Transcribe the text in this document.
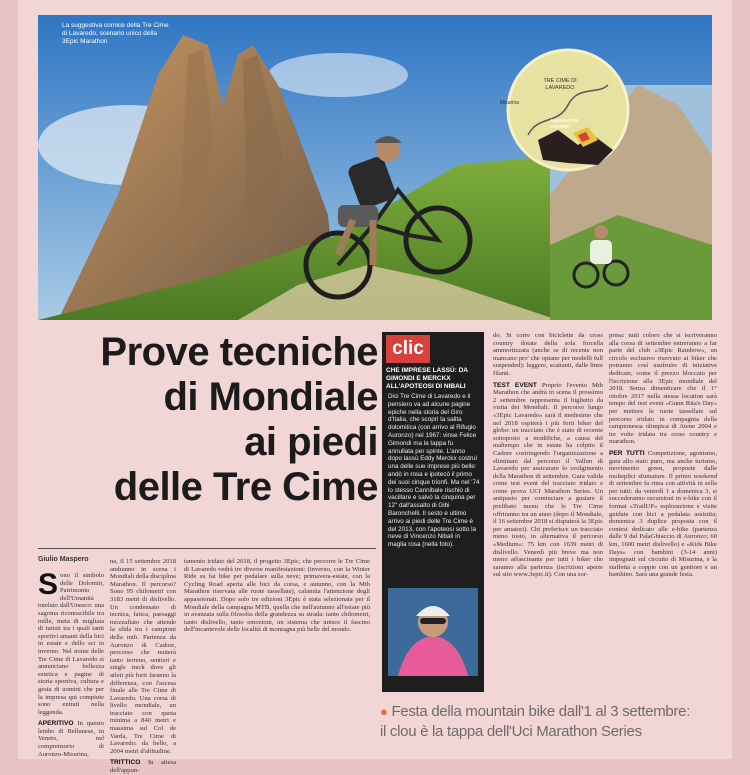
La suggestiva cornice della Tre Cime di Lavaredo, scenario unico della 3Epic Marathon
TRE CIME DI LAVAREDO
Misurina
AURONZO DI CADORE
Prove tecniche
di Mondiale
ai piedi
delle Tre Cime
Giulio Maspero
Sono il simbolo delle Dolomiti, Patrimonio dell'Umanità tutelato dall'Unesco: una sagoma riconoscibile tra mille, meta di migliaia di turisti tra i quali tanti sportivi amanti della bici in estate e dello sci in inverno. Nel nome delle Tre Cime di Lavaredo si annunciano bellezza estetica e pagine di storia sportiva, cultura e gesta di uomini che per la impresa qui compiute sono entrati nella leggenda.
APERITIVO In questo lembo di Bellunese, in Veneto, nel comprensorio di Auronzo-Misurina,
na, il 15 settembre 2018 andranno in scena i Mondiali della disciplina Marathon. Il percorso? Sono 95 chilometri con 3183 metri di dislivello. Un condensato di tecnica, fatica, paesaggi mozzafiato che attende la sfida tra i campioni della mtb. Partenza da Auronzo di Cadore, percorso che muterà tanto terreno, sentieri e single track dove gli atleti più forti faranno la differenza, con l'ascesa finale alle Tre Cime di Lavaredo. Una corsa di livello mondiale, un tracciato con quota minima a 840 metri e massima sul Col de Varda, Tre Cime di Lavaredo: da bello, a 2004 metri d'altitudine.
TRITTICO In attesa dell'appun-
tamento iridato del 2018, il progetto 3Epic, che percorre le Tre Cime di Lavaredo vedrà tre diverse manifestazioni: (inverno, con la Winter Ride su fat bike per pedalare sulla neve; primavera-estate, con la Cycling Road aperta alle bici da corsa, e autunno, con la Mtb Marathon riservata alle ruote tassellate), calamita l'attenzione degli appassionati. Dopo solo tre edizioni 3Epic è stata selezionata per il Mondiale della campagna MTB, quella che nell'autunno all'estate più in avanzata sulla filosofia della grandezza su strada: tanto chilometri, tanto dislivello, tanto emozioni, un sistema che unisce il fascino dell'incantevole delle località di montagna più belle del mondo.
clic
CHE IMPRESE LASSÙ: DA GIMONDI E MERCKX ALL'APOTEOSI DI NIBALI
Dici Tre Cime di Lavaredo e il pensiero va ad alcune pagine epiche nella storia del Giro d'Italia, che scoprì la salita dolomitica (con arrivo al Rifugio Auronzo) nel 1967: vinse Felice Gimondi ma la tappa fu annullata per spinte. L'anno dopo lassù Eddy Merckx costruì una delle sue imprese più belle: andò in rosa e ipotecò il primo dei suoi cinque trionfi. Ma nel '74 lo stesso Cannibale rischiò di vacillare e salvò la cinquina per 12" dall'assalto di Gibi Baronchelli. Il sesto e ultimo arrivo ai piedi delle Tre Cime è del 2013, con l'apoteosi sotto la neve di Vincenzo Nibali in maglia rosa (nella foto).
do. Si corre con biciclette da cross country dotate della sola forcella ammortizzata (anche se di recente non mancano pro' che optano per modelli full suspended): leggere, scattanti, dalle linee filanti.
TEST EVENT Proprio l'evento Mtb Marathon che andrà in scena il prossimo 2 settembre rappresenta il biglietto da visita dei Mondiali. Il percorso lungo «3Epic Lavaredo» sarà il medesimo che nel 2018 ospiterà i più forti biker del globo: un tracciato che è stato di recente sottoposto a modifiche, a causa del maltempo che in estate ha colpito il Cadore costringendo l'organizzazione a eliminare dal percorso il Vallon di Lavaredo per assicurare lo svolgimento della Marathon di settembre. Gara valida come test event del tracciato iridato e come prova UCI Marathon Series. Un antipasto per cominciare a gustare il prelibato menu che le Tre Cime offriranno tra un anno (dopo il Mondiale, il 16 settembre 2018 si disputerà la 3Epic per amatori). Chi preferisce un tracciato meno tosto, in alternativa il percorso «Medium»: 75 km con 1639 metri di dislivello. Venerdì più breve ma non meno affascinante per tutti i biker che saranno alla partenza (iscrizioni aperte sul sito www.3epic.it). Con una sor-
presa: tutti coloro che si iscriveranno alla corsa di settembre entreranno a far parte del club «3Epic Rainbow», un circolo esclusivo riservato ai biker che potranno così usufruire di iniziative dedicate, come il prezzo bloccato per l'iscrizione alla 3Epic mondiale del 2018. Senza dimenticare che il 1° ottobre 2017 nella stessa location sarà tempo del test event «Gunn Rita's Day» per mettere le ruote tassellate sul percorso iridato in compagnia della campionessa olimpica di Atene 2004 e tre volte iridata tra cross country e marathon.
PER TUTTI Competizione, agonismo, gara allo stato puro, ma anche turismo, movimento green, proposte dalle molteplici sfumature. Il primo weekend di settembre fa rima con attività in sella per tutti: da venerdì 1 a domenica 3, si succederanno escursioni in e-bike con il format «TrailUP» esplorazione e visite guidate con bici a pedalata assistita; domenica 3 duplice proposta con il contest dedicato alle e-bike (partenza dalle 9 dal PalaGhiaccio di Auronzo; 60 km, 1600 metri dislivello) e «Kids Bike Days» con bambini (3-14 anni) impegnati sul circuito di Misurina, e la staffetta a coppie con un genitore e un bambino. Sarà una grande festa.
● Festa della mountain bike dall'1 al 3 settembre:
il clou è la tappa dell'Uci Marathon Series
